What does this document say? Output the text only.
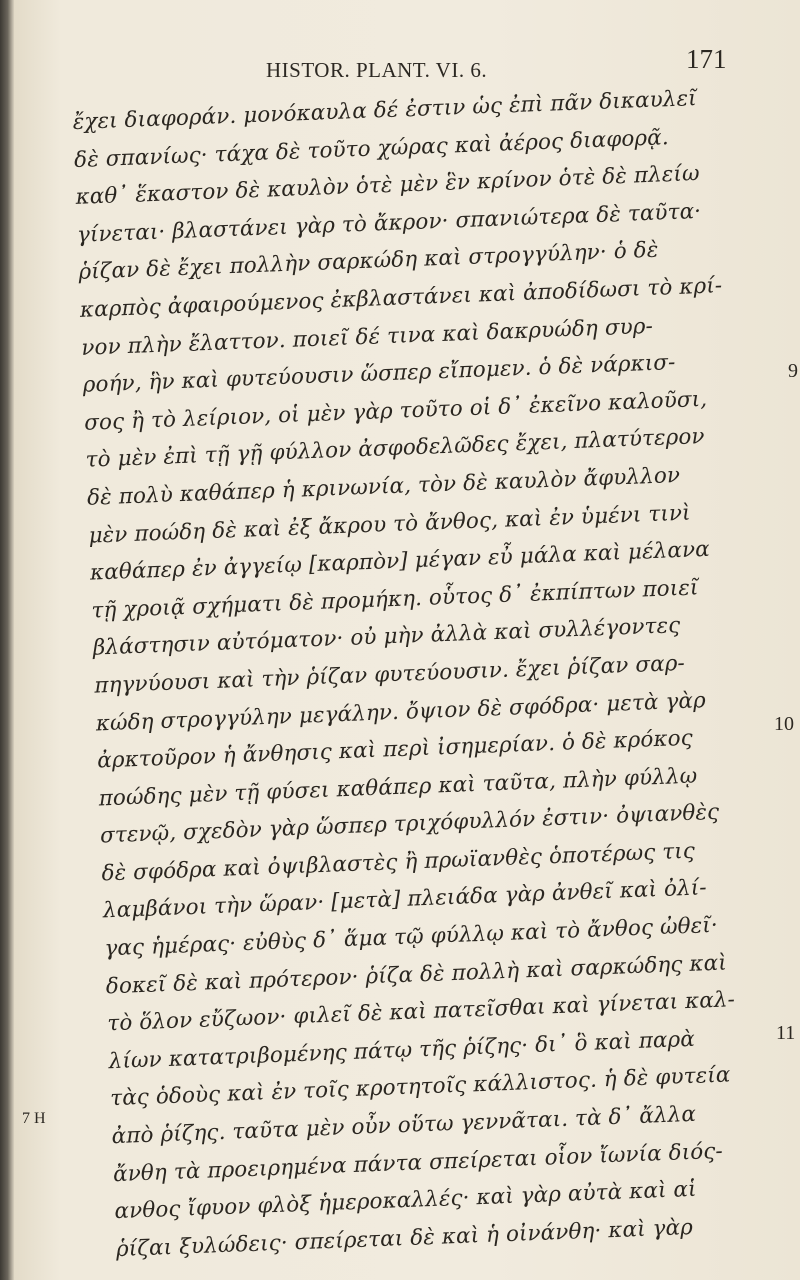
HISTOR. PLANT. VI. 6.	171
ἔχει διαφοράν. μονόκαυλα δέ ἐστιν ὡς ἐπὶ πᾶν δικαυλεῖ
δὲ σπανίως· τάχα δὲ τοῦτο χώρας καὶ ἀέρος διαφορᾷ.
καθ᾽ ἕκαστον δὲ καυλὸν ὁτὲ μὲν ἓν κρίνον ὁτὲ δὲ πλείω
γίνεται· βλαστάνει γὰρ τὸ ἄκρον· σπανιώτερα δὲ ταῦτα·
ῥίζαν δὲ ἔχει πολλὴν σαρκώδη καὶ στρογγύλην· ὁ δὲ
καρπὸς ἀφαιρούμενος ἐκβλαστάνει καὶ ἀποδίδωσι τὸ κρί-
νον πλὴν ἔλαττον. ποιεῖ δέ τινα καὶ δακρυώδη συρ-
ροήν, ἣν καὶ φυτεύουσιν ὥσπερ εἴπομεν. ὁ δὲ νάρκισ-
σος ἢ τὸ λείριον, οἱ μὲν γὰρ τοῦτο οἱ δ᾽ ἐκεῖνο καλοῦσι,
τὸ μὲν ἐπὶ τῇ γῇ φύλλον ἀσφοδελῶδες ἔχει, πλατύτερον
δὲ πολὺ καθάπερ ἡ κρινωνία, τὸν δὲ καυλὸν ἄφυλλον
μὲν ποώδη δὲ καὶ ἐξ ἄκρου τὸ ἄνθος, καὶ ἐν ὑμένι τινὶ
καθάπερ ἐν ἀγγείῳ [καρπὸν] μέγαν εὖ μάλα καὶ μέλανα
τῇ χροιᾷ σχήματι δὲ προμήκη. οὗτος δ᾽ ἐκπίπτων ποιεῖ
βλάστησιν αὐτόματον· οὐ μὴν ἀλλὰ καὶ συλλέγοντες
πηγνύουσι καὶ τὴν ῥίζαν φυτεύουσιν. ἔχει ῥίζαν σαρ-
κώδη στρογγύλην μεγάλην. ὄψιον δὲ σφόδρα· μετὰ γὰρ
ἀρκτοῦρον ἡ ἄνθησις καὶ περὶ ἰσημερίαν. ὁ δὲ κρόκος
ποώδης μὲν τῇ φύσει καθάπερ καὶ ταῦτα, πλὴν φύλλῳ
στενῷ, σχεδὸν γὰρ ὥσπερ τριχόφυλλόν ἐστιν· ὀψιανθὲς
δὲ σφόδρα καὶ ὀψιβλαστὲς ἢ πρωϊανθὲς ὁποτέρως τις
λαμβάνοι τὴν ὥραν· [μετὰ] πλειάδα γὰρ ἀνθεῖ καὶ ὀλί-
γας ἡμέρας· εὐθὺς δ᾽ ἅμα τῷ φύλλῳ καὶ τὸ ἄνθος ὠθεῖ·
δοκεῖ δὲ καὶ πρότερον· ῥίζα δὲ πολλὴ καὶ σαρκώδης καὶ
τὸ ὅλον εὔζωον· φιλεῖ δὲ καὶ πατεῖσθαι καὶ γίνεται καλ-
λίων κατατριβομένης πάτῳ τῆς ῥίζης· δι᾽ ὃ καὶ παρὰ
τὰς ὁδοὺς καὶ ἐν τοῖς κροτητοῖς κάλλιστος. ἡ δὲ φυτεία
ἀπὸ ῥίζης. ταῦτα μὲν οὖν οὕτω γεννᾶται. τὰ δ᾽ ἄλλα
ἄνθη τὰ προειρημένα πάντα σπείρεται οἷον ἴωνία διός-
ανθος ἴφυον φλὸξ ἡμεροκαλλές· καὶ γὰρ αὐτὰ καὶ αἱ
ῥίζαι ξυλώδεις· σπείρεται δὲ καὶ ἡ οἰνάνθη· καὶ γὰρ
9
10
11
7 H
